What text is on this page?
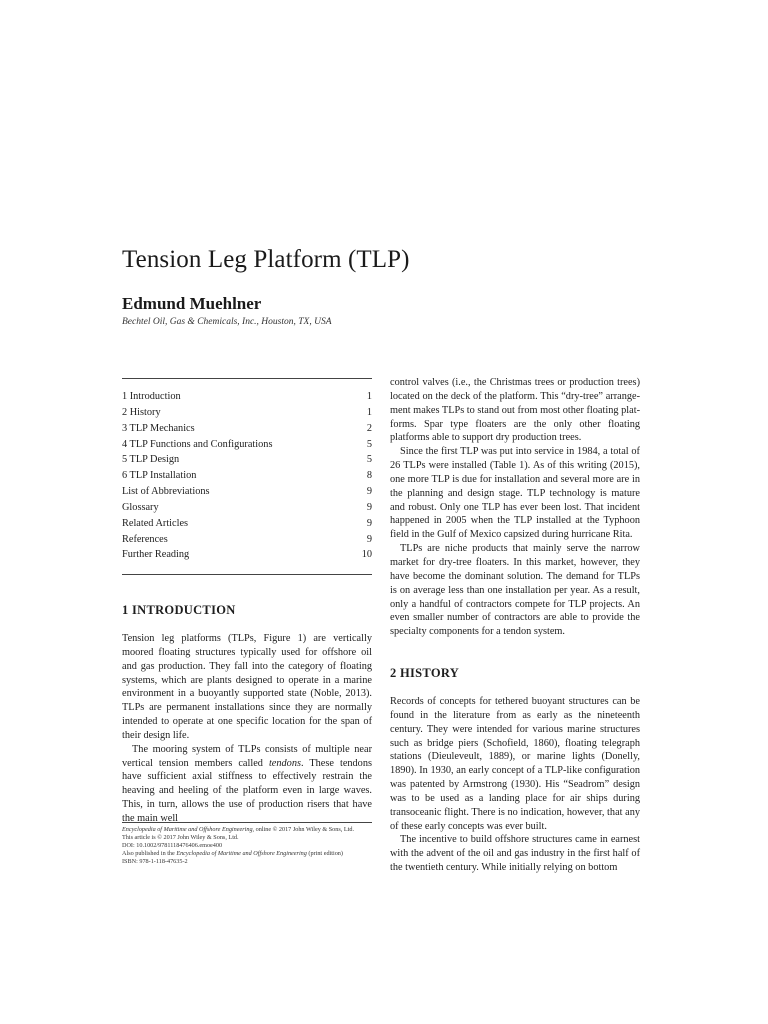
Tension Leg Platform (TLP)
Edmund Muehlner
Bechtel Oil, Gas & Chemicals, Inc., Houston, TX, USA
1 Introduction	1
2 History	1
3 TLP Mechanics	2
4 TLP Functions and Configurations	5
5 TLP Design	5
6 TLP Installation	8
List of Abbreviations	9
Glossary	9
Related Articles	9
References	9
Further Reading	10
1 INTRODUCTION

Tension leg platforms (TLPs, Figure 1) are vertically moored floating structures typically used for offshore oil and gas production. They fall into the category of floating systems, which are plants designed to operate in a marine environment in a buoyantly supported state (Noble, 2013). TLPs are permanent installations since they are normally intended to operate at one specific location for the span of their design life.

The mooring system of TLPs consists of multiple near vertical tension members called tendons. These tendons have sufficient axial stiffness to effectively restrain the heaving and heeling of the platform even in large waves. This, in turn, allows the use of production risers that have the main well

Encyclopedia of Maritime and Offshore Engineering, online © 2017 John Wiley & Sons, Ltd.
This article is © 2017 John Wiley & Sons, Ltd.
DOI: 10.1002/9781118476406.emoe400
Also published in the Encyclopedia of Maritime and Offshore Engineering (print edition)
ISBN: 978-1-118-47635-2

control valves (i.e., the Christmas trees or production trees) located on the deck of the platform. This “dry-tree” arrangement makes TLPs to stand out from most other floating platforms. Spar type floaters are the only other floating platforms able to support dry production trees.

Since the first TLP was put into service in 1984, a total of 26 TLPs were installed (Table 1). As of this writing (2015), one more TLP is due for installation and several more are in the planning and design stage. TLP technology is mature and robust. Only one TLP has ever been lost. That incident happened in 2005 when the TLP installed at the Typhoon field in the Gulf of Mexico capsized during hurricane Rita.

TLPs are niche products that mainly serve the narrow market for dry-tree floaters. In this market, however, they have become the dominant solution. The demand for TLPs is on average less than one installation per year. As a result, only a handful of contractors compete for TLP projects. An even smaller number of contractors are able to provide the specialty components for a tendon system.

2 HISTORY

Records of concepts for tethered buoyant structures can be found in the literature from as early as the nineteenth century. They were intended for various marine structures such as bridge piers (Schofield, 1860), floating telegraph stations (Dieuleveult, 1889), or marine lights (Donelly, 1890). In 1930, an early concept of a TLP-like configuration was patented by Armstrong (1930). His “Seadrom” design was to be used as a landing place for air ships during transoceanic flight. There is no indication, however, that any of these early concepts was ever built.

The incentive to build offshore structures came in earnest with the advent of the oil and gas industry in the first half of the twentieth century. While initially relying on bottom
